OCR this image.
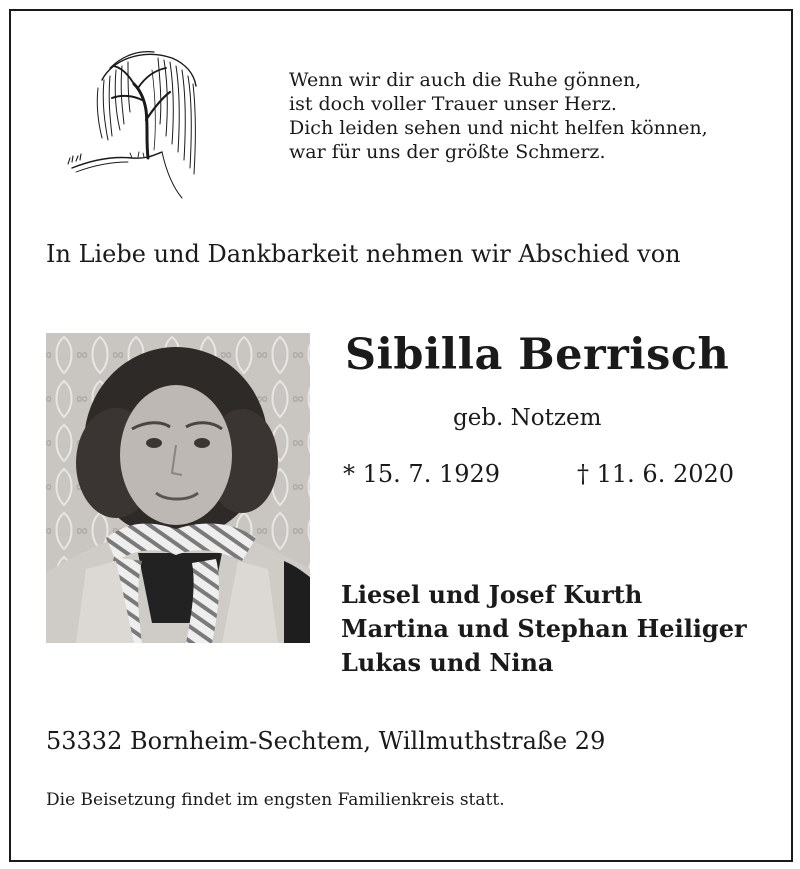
Wenn wir dir auch die Ruhe gönnen,
ist doch voller Trauer unser Herz.
Dich leiden sehen und nicht helfen können,
war für uns der größte Schmerz.
In Liebe und Dankbarkeit nehmen wir Abschied von
Sibilla Berrisch
geb. Notzem
* 15. 7. 1929	† 11. 6. 2020
Liesel und Josef Kurth
Martina und Stephan Heiliger
Lukas und Nina
53332 Bornheim-Sechtem, Willmuthstraße 29
Die Beisetzung findet im engsten Familienkreis statt.
